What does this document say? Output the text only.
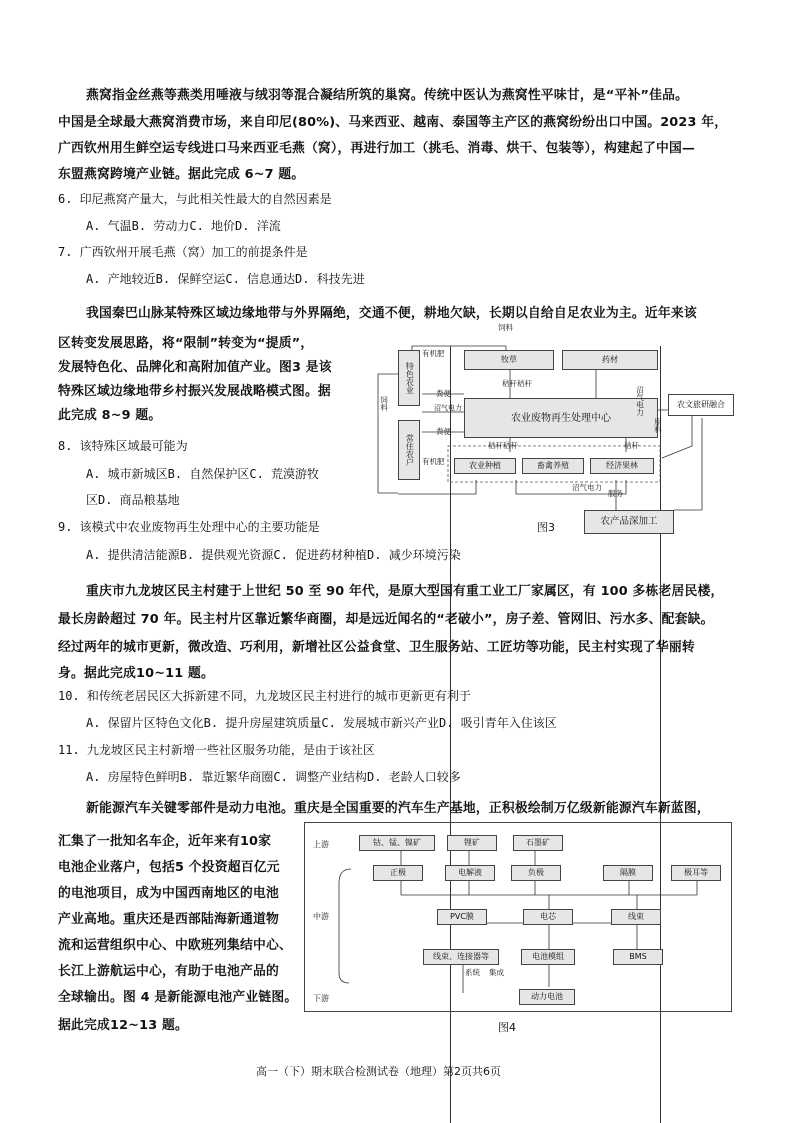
燕窝指金丝燕等燕类用唾液与绒羽等混合凝结所筑的巢窝。传统中医认为燕窝性平味甘，是“平补”佳品。
中国是全球最大燕窝消费市场，来自印尼(80%)、马来西亚、越南、泰国等主产区的燕窝纷纷出口中国。2023 年，
广西钦州用生鲜空运专线进口马来西亚毛燕（窝），再进行加工（挑毛、消毒、烘干、包装等），构建起了中国—
东盟燕窝跨境产业链。据此完成 6~7 题。
6. 印尼燕窝产量大，与此相关性最大的自然因素是
A. 气温B. 劳动力C. 地价D. 洋流
7. 广西钦州开展毛燕（窝）加工的前提条件是
A. 产地较近B. 保鲜空运C. 信息通达D. 科技先进
我国秦巴山脉某特殊区域边缘地带与外界隔绝，交通不便，耕地欠缺，长期以自给自足农业为主。近年来该
区转变发展思路，将“限制”转变为“提质”，
发展特色化、品牌化和高附加值产业。图3 是该
特殊区域边缘地带乡村振兴发展战略模式图。据
此完成 8~9 题。
8. 该特殊区域最可能为
A. 城市新城区B. 自然保护区C. 荒漠游牧
区D. 商品粮基地
9. 该模式中农业废物再生处理中心的主要功能是
A. 提供清洁能源B. 提供观光资源C. 促进药材种植D. 减少环境污染
特色农业
常住农户
牧草	药材
农业废物再生处理中心
农业种植	畜禽养殖	经济果林
农文旅研融合
农产品深加工
饲料
饲料
原料
有机肥
有机肥
秸秆秸秆
秸秆秸秆	秸秆
粪便
粪便
沼气电力	沼气电力
沼气电力
服务
图3
重庆市九龙坡区民主村建于上世纪 50 至 90 年代，是原大型国有重工业工厂家属区，有 100 多栋老居民楼，
最长房龄超过 70 年。民主村片区靠近繁华商圈，却是远近闻名的“老破小”，房子差、管网旧、污水多、配套缺。
经过两年的城市更新，微改造、巧利用，新增社区公益食堂、卫生服务站、工匠坊等功能，民主村实现了华丽转
身。据此完成10~11 题。
10. 和传统老居民区大拆新建不同，九龙坡区民主村进行的城市更新更有利于
A. 保留片区特色文化B. 提升房屋建筑质量C. 发展城市新兴产业D. 吸引青年入住该区
11. 九龙坡区民主村新增一些社区服务功能，是由于该社区
A. 房屋特色鲜明B. 靠近繁华商圈C. 调整产业结构D. 老龄人口较多
新能源汽车关键零部件是动力电池。重庆是全国重要的汽车生产基地，正积极绘制万亿级新能源汽车新蓝图，
汇集了一批知名车企，近年来有10家
电池企业落户，包括5 个投资超百亿元
的电池项目，成为中国西南地区的电池
产业高地。重庆还是西部陆海新通道物
流和运营组织中心、中欧班列集结中心、
长江上游航运中心，有助于电池产品的
全球输出。图 4 是新能源电池产业链图。
据此完成12~13 题。
上游
中游
下游
钴、锰、镍矿	锂矿	石墨矿
正极	电解液	负极	隔膜	极耳等
PVC膜	电芯	线束
线束、连接器等	电池模组	BMS
系统 集成
动力电池
图4
高一（下）期末联合检测试卷（地理）第2页共6页
